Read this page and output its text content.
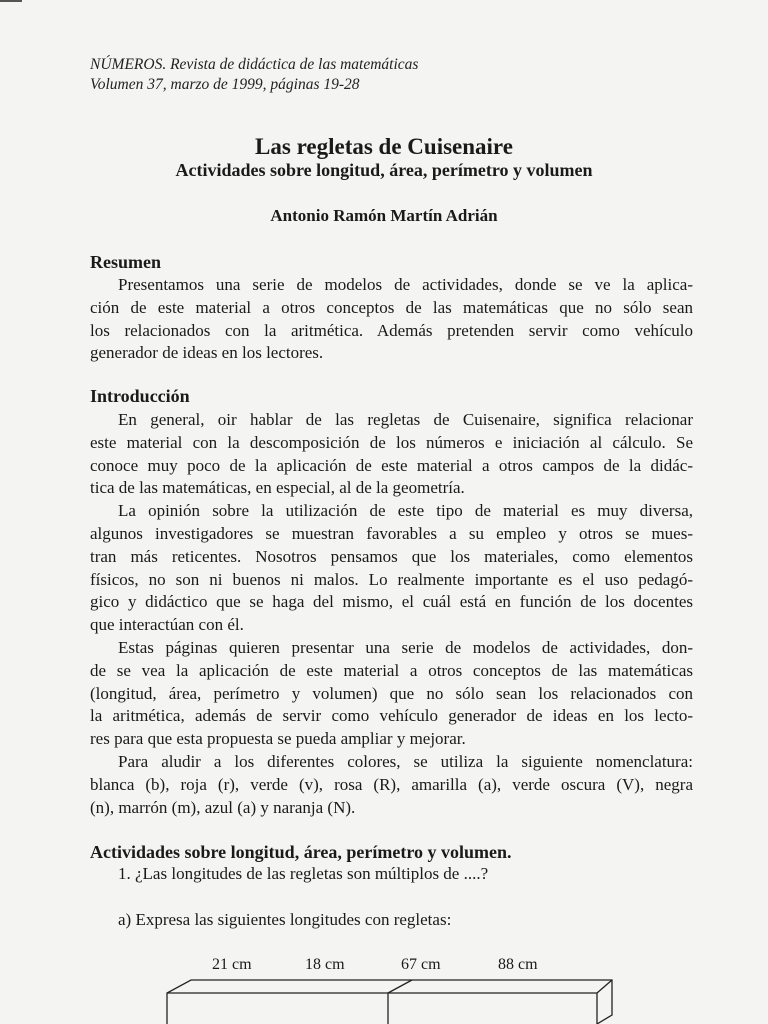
NÚMEROS. Revista de didáctica de las matemáticas
Volumen 37, marzo de 1999, páginas 19-28
Las regletas de Cuisenaire
Actividades sobre longitud, área, perímetro y volumen
Antonio Ramón Martín Adrián
Resumen
Presentamos una serie de modelos de actividades, donde se ve la aplica-
ción de este material a otros conceptos de las matemáticas que no sólo sean
los relacionados con la aritmética. Además pretenden servir como vehículo
generador de ideas en los lectores.
Introducción
En general, oir hablar de las regletas de Cuisenaire, significa relacionar
este material con la descomposición de los números e iniciación al cálculo. Se
conoce muy poco de la aplicación de este material a otros campos de la didác-
tica de las matemáticas, en especial, al de la geometría.
La opinión sobre la utilización de este tipo de material es muy diversa,
algunos investigadores se muestran favorables a su empleo y otros se mues-
tran más reticentes. Nosotros pensamos que los materiales, como elementos
físicos, no son ni buenos ni malos. Lo realmente importante es el uso pedagó-
gico y didáctico que se haga del mismo, el cuál está en función de los docentes
que interactúan con él.
Estas páginas quieren presentar una serie de modelos de actividades, don-
de se vea la aplicación de este material a otros conceptos de las matemáticas
(longitud, área, perímetro y volumen) que no sólo sean los relacionados con
la aritmética, además de servir como vehículo generador de ideas en los lecto-
res para que esta propuesta se pueda ampliar y mejorar.
Para aludir a los diferentes colores, se utiliza la siguiente nomenclatura:
blanca (b), roja (r), verde (v), rosa (R), amarilla (a), verde oscura (V), negra
(n), marrón (m), azul (a) y naranja (N).
Actividades sobre longitud, área, perímetro y volumen.
1. ¿Las longitudes de las regletas son múltiplos de ....?
a) Expresa las siguientes longitudes con regletas:
21 cm	18 cm	67 cm	88 cm
